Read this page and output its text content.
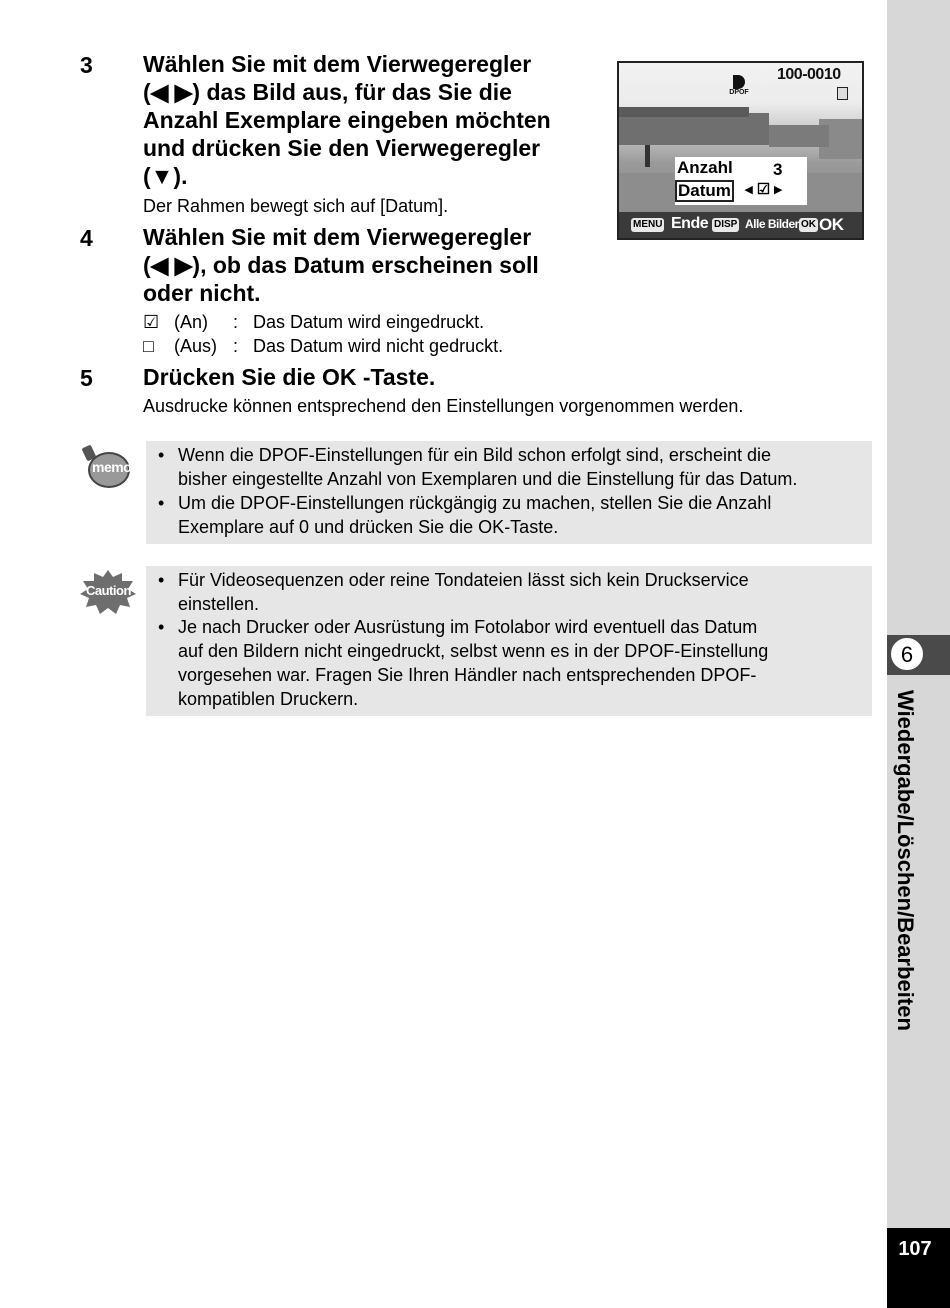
3 Wählen Sie mit dem Vierwegeregler
(◀ ▶) das Bild aus, für das Sie die
Anzahl Exemplare eingeben möchten
und drücken Sie den Vierwegeregler
(▼).
Der Rahmen bewegt sich auf [Datum].
4 Wählen Sie mit dem Vierwegeregler
(◀ ▶), ob das Datum erscheinen soll
oder nicht.
☑ (An) : Das Datum wird eingedruckt.
□ (Aus) : Das Datum wird nicht gedruckt.
5 Drücken Sie die OK -Taste.
Ausdrucke können entsprechend den Einstellungen vorgenommen werden.
100-0010
DPOF
Anzahl 3
Datum ◂ ☑ ▸
MENU Ende DISP Alle Bilder OK OK
memo
• Wenn die DPOF-Einstellungen für ein Bild schon erfolgt sind, erscheint die
bisher eingestellte Anzahl von Exemplaren und die Einstellung für das Datum.
• Um die DPOF-Einstellungen rückgängig zu machen, stellen Sie die Anzahl
Exemplare auf 0 und drücken Sie die OK-Taste.
Caution
• Für Videosequenzen oder reine Tondateien lässt sich kein Druckservice
einstellen.
• Je nach Drucker oder Ausrüstung im Fotolabor wird eventuell das Datum
auf den Bildern nicht eingedruckt, selbst wenn es in der DPOF-Einstellung
vorgesehen war. Fragen Sie Ihren Händler nach entsprechenden DPOF-
kompatiblen Druckern.
6
Wiedergabe/Löschen/Bearbeiten
107
